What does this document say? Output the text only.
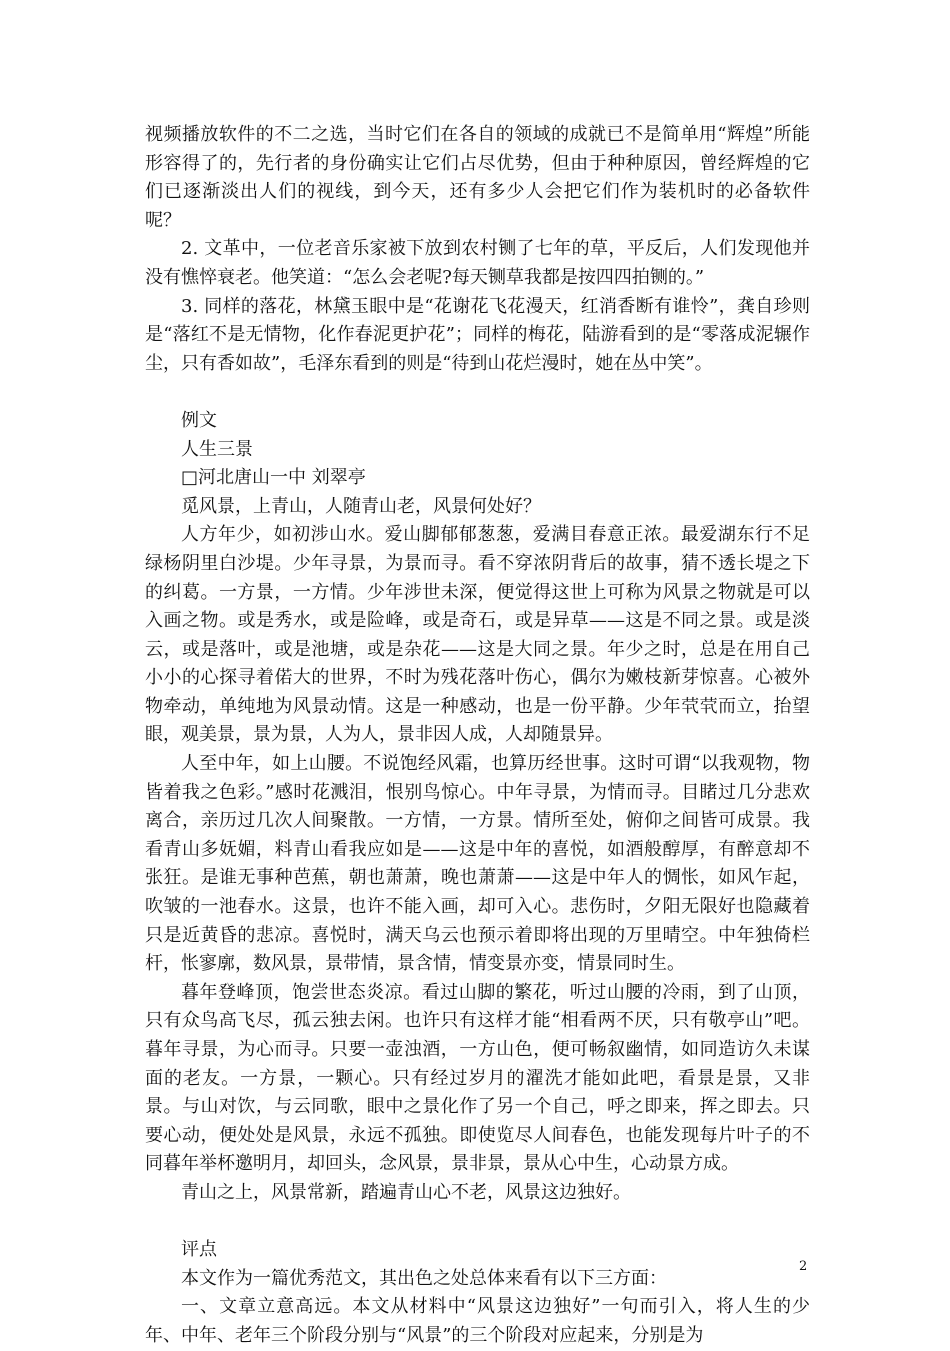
视频播放软件的不二之选，当时它们在各自的领域的成就已不是简单用“辉煌”所能形容得了的，先行者的身份确实让它们占尽优势，但由于种种原因，曾经辉煌的它们已逐渐淡出人们的视线，到今天，还有多少人会把它们作为装机时的必备软件呢？

2. 文革中，一位老音乐家被下放到农村铡了七年的草，平反后，人们发现他并没有憔悴衰老。他笑道：“怎么会老呢?每天铡草我都是按四四拍铡的。”

3. 同样的落花，林黛玉眼中是“花谢花飞花漫天，红消香断有谁怜”，龚自珍则是“落红不是无情物，化作春泥更护花”；同样的梅花，陆游看到的是“零落成泥辗作尘，只有香如故”，毛泽东看到的则是“待到山花烂漫时，她在丛中笑”。

例文

人生三景

□河北唐山一中 刘翠亭

觅风景，上青山，人随青山老，风景何处好？

人方年少，如初涉山水。爱山脚郁郁葱葱，爱满目春意正浓。最爱湖东行不足绿杨阴里白沙堤。少年寻景，为景而寻。看不穿浓阴背后的故事，猜不透长堤之下的纠葛。一方景，一方情。少年涉世未深，便觉得这世上可称为风景之物就是可以入画之物。或是秀水，或是险峰，或是奇石，或是异草——这是不同之景。或是淡云，或是落叶，或是池塘，或是杂花——这是大同之景。年少之时，总是在用自己小小的心探寻着偌大的世界，不时为残花落叶伤心，偶尔为嫩枝新芽惊喜。心被外物牵动，单纯地为风景动情。这是一种感动，也是一份平静。少年茕茕而立，抬望眼，观美景，景为景，人为人，景非因人成，人却随景异。

人至中年，如上山腰。不说饱经风霜，也算历经世事。这时可谓“以我观物，物皆着我之色彩。”感时花溅泪，恨别鸟惊心。中年寻景，为情而寻。目睹过几分悲欢离合，亲历过几次人间聚散。一方情，一方景。情所至处，俯仰之间皆可成景。我看青山多妩媚，料青山看我应如是——这是中年的喜悦，如酒般醇厚，有醉意却不张狂。是谁无事种芭蕉，朝也萧萧，晚也萧萧——这是中年人的惆怅，如风乍起，吹皱的一池春水。这景，也许不能入画，却可入心。悲伤时，夕阳无限好也隐藏着只是近黄昏的悲凉。喜悦时，满天乌云也预示着即将出现的万里晴空。中年独倚栏杆，怅寥廓，数风景，景带情，景含情，情变景亦变，情景同时生。

暮年登峰顶，饱尝世态炎凉。看过山脚的繁花，听过山腰的冷雨，到了山顶，只有众鸟高飞尽，孤云独去闲。也许只有这样才能“相看两不厌，只有敬亭山”吧。暮年寻景，为心而寻。只要一壶浊酒，一方山色，便可畅叙幽情，如同造访久未谋面的老友。一方景，一颗心。只有经过岁月的濯洗才能如此吧，看景是景，又非景。与山对饮，与云同歌，眼中之景化作了另一个自己，呼之即来，挥之即去。只要心动，便处处是风景，永远不孤独。即使览尽人间春色，也能发现每片叶子的不同暮年举杯邀明月，却回头，念风景，景非景，景从心中生，心动景方成。

青山之上，风景常新，踏遍青山心不老，风景这边独好。

评点

本文作为一篇优秀范文，其出色之处总体来看有以下三方面：

一、文章立意高远。本文从材料中“风景这边独好”一句而引入，将人生的少年、中年、老年三个阶段分别与“风景”的三个阶段对应起来，分别是为

2
